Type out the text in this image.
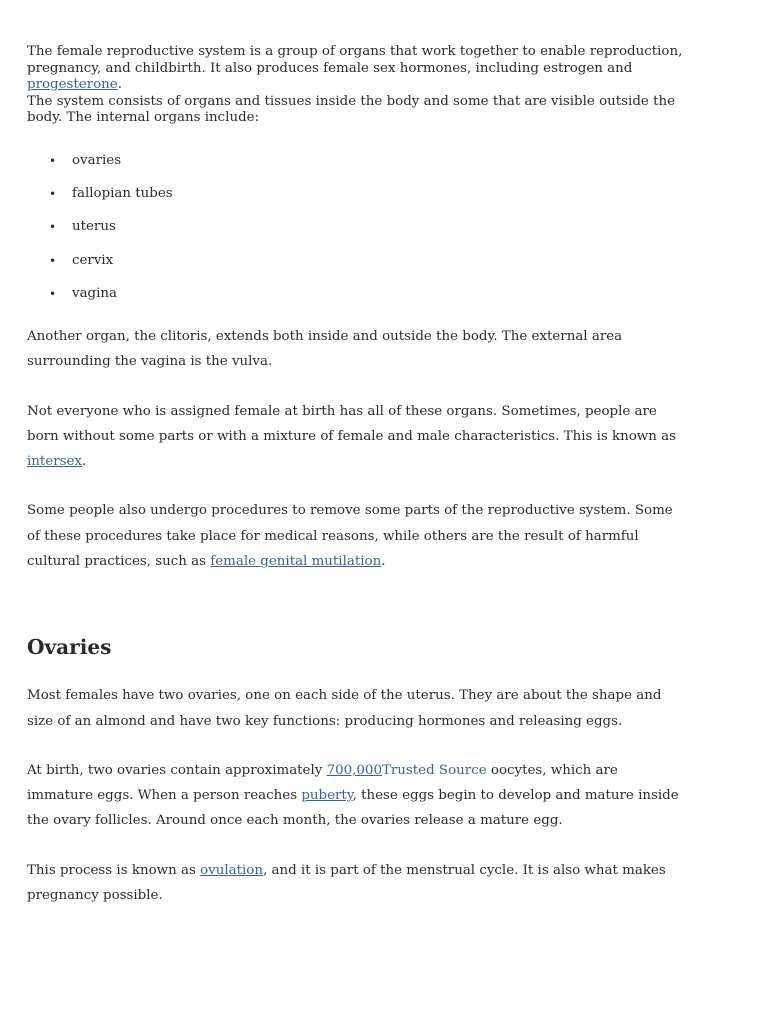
The female reproductive system is a group of organs that work together to enable reproduction, pregnancy, and childbirth. It also produces female sex hormones, including estrogen and progesterone.
The system consists of organs and tissues inside the body and some that are visible outside the body. The internal organs include:

• ovaries
• fallopian tubes
• uterus
• cervix
• vagina

Another organ, the clitoris, extends both inside and outside the body. The external area surrounding the vagina is the vulva.

Not everyone who is assigned female at birth has all of these organs. Sometimes, people are born without some parts or with a mixture of female and male characteristics. This is known as intersex.

Some people also undergo procedures to remove some parts of the reproductive system. Some of these procedures take place for medical reasons, while others are the result of harmful cultural practices, such as female genital mutilation.

Ovaries

Most females have two ovaries, one on each side of the uterus. They are about the shape and size of an almond and have two key functions: producing hormones and releasing eggs.

At birth, two ovaries contain approximately 700,000Trusted Source oocytes, which are immature eggs. When a person reaches puberty, these eggs begin to develop and mature inside the ovary follicles. Around once each month, the ovaries release a mature egg.

This process is known as ovulation, and it is part of the menstrual cycle. It is also what makes pregnancy possible.
